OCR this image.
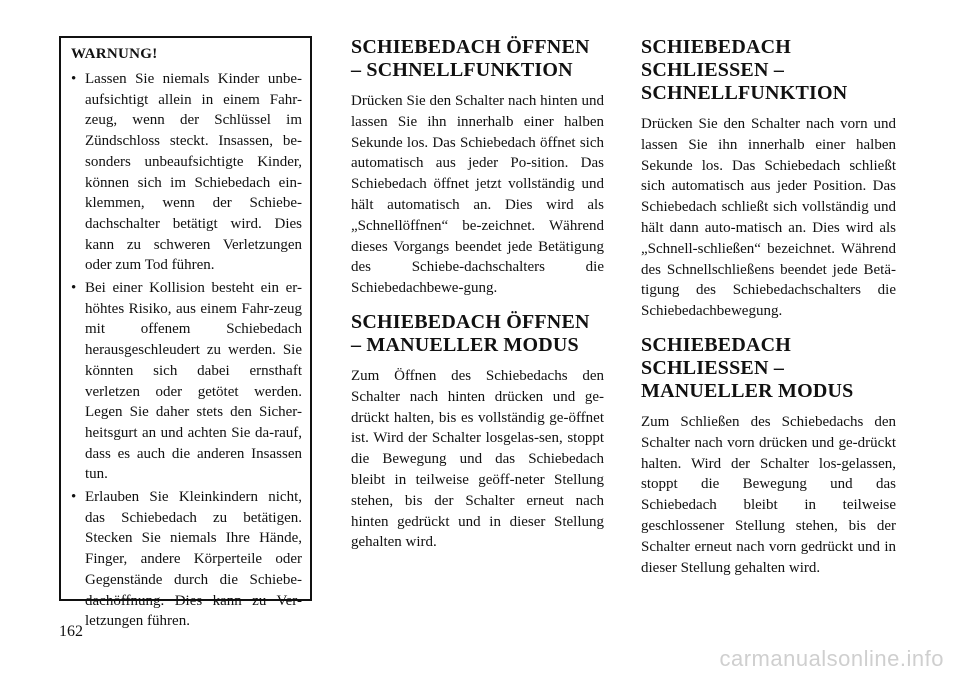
WARNUNG!
• Lassen Sie niemals Kinder unbe-aufsichtigt allein in einem Fahr-zeug, wenn der Schlüssel im Zündschloss steckt. Insassen, be-sonders unbeaufsichtigte Kinder, können sich im Schiebedach ein-klemmen, wenn der Schiebe-dachschalter betätigt wird. Dies kann zu schweren Verletzungen oder zum Tod führen.
• Bei einer Kollision besteht ein er-höhtes Risiko, aus einem Fahr-zeug mit offenem Schiebedach herausgeschleudert zu werden. Sie könnten sich dabei ernsthaft verletzen oder getötet werden. Legen Sie daher stets den Sicher-heitsgurt an und achten Sie da-rauf, dass es auch die anderen Insassen tun.
• Erlauben Sie Kleinkindern nicht, das Schiebedach zu betätigen. Stecken Sie niemals Ihre Hände, Finger, andere Körperteile oder Gegenstände durch die Schiebe-dachöffnung. Dies kann zu Ver-letzungen führen.
SCHIEBEDACH ÖFFNEN – SCHNELLFUNKTION

Drücken Sie den Schalter nach hinten und lassen Sie ihn innerhalb einer halben Sekunde los. Das Schiebedach öffnet sich automatisch aus jeder Po-sition. Das Schiebedach öffnet jetzt vollständig und hält automatisch an. Dies wird als „Schnellöffnen“ be-zeichnet. Während dieses Vorgangs beendet jede Betätigung des Schiebe-dachschalters die Schiebedachbewe-gung.

SCHIEBEDACH ÖFFNEN – MANUELLER MODUS

Zum Öffnen des Schiebedachs den Schalter nach hinten drücken und ge-drückt halten, bis es vollständig ge-öffnet ist. Wird der Schalter losgelas-sen, stoppt die Bewegung und das Schiebedach bleibt in teilweise geöff-neter Stellung stehen, bis der Schalter erneut nach hinten gedrückt und in dieser Stellung gehalten wird.

SCHIEBEDACH SCHLIESSEN – SCHNELLFUNKTION

Drücken Sie den Schalter nach vorn und lassen Sie ihn innerhalb einer halben Sekunde los. Das Schiebedach schließt sich automatisch aus jeder Position. Das Schiebedach schließt sich vollständig und hält dann auto-matisch an. Dies wird als „Schnell-schließen“ bezeichnet. Während des Schnellschließens beendet jede Betä-tigung des Schiebedachschalters die Schiebedachbewegung.

SCHIEBEDACH SCHLIESSEN – MANUELLER MODUS

Zum Schließen des Schiebedachs den Schalter nach vorn drücken und ge-drückt halten. Wird der Schalter los-gelassen, stoppt die Bewegung und das Schiebedach bleibt in teilweise geschlossener Stellung stehen, bis der Schalter erneut nach vorn gedrückt und in dieser Stellung gehalten wird.

162
carmanualsonline.info
